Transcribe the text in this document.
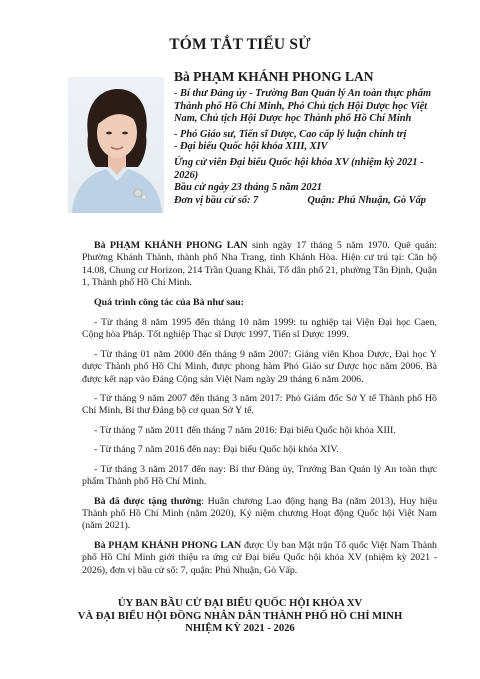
TÓM TẮT TIỂU SỬ
Bà PHẠM KHÁNH PHONG LAN
- Bí thư Đảng ủy - Trường Ban Quản lý An toàn thực phẩm Thành phố Hồ Chí Minh, Phó Chủ tịch Hội Dược học Việt Nam, Chủ tịch Hội Dược học Thành phố Hồ Chí Minh
- Phó Giáo sư, Tiến sĩ Dược, Cao cấp lý luận chính trị
- Đại biểu Quốc hội khóa XIII, XIV
Ứng cử viên Đại biểu Quốc hội khóa XV (nhiệm kỳ 2021 - 2026)
Bầu cử ngày 23 tháng 5 năm 2021
Đơn vị bầu cử số: 7	Quận: Phú Nhuận, Gò Vấp

Bà PHẠM KHÁNH PHONG LAN sinh ngày 17 tháng 5 năm 1970. Quê quán: Phường Khánh Thành, thành phố Nha Trang, tỉnh Khánh Hòa. Hiện cư trú tại: Căn hộ 14.08, Chung cư Horizon, 214 Trần Quang Khải, Tổ dân phố 21, phường Tân Định, Quận 1, Thành phố Hồ Chí Minh.

Quá trình công tác của Bà như sau:

- Từ tháng 8 năm 1995 đến tháng 10 năm 1999: tu nghiệp tại Viện Đại học Caen, Cộng hòa Pháp. Tốt nghiệp Thạc sĩ Dược 1997, Tiến sĩ Dược 1999.

- Từ tháng 01 năm 2000 đến tháng 9 năm 2007: Giảng viên Khoa Dược, Đại học Y dược Thành phố Hồ Chí Minh, được phong hàm Phó Giáo sư Dược học năm 2006. Bà được kết nạp vào Đảng Cộng sản Việt Nam ngày 29 tháng 6 năm 2006.

- Từ tháng 9 năm 2007 đến tháng 3 năm 2017: Phó Giám đốc Sở Y tế Thành phố Hồ Chí Minh, Bí thư Đảng bộ cơ quan Sở Y tế.

- Từ tháng 7 năm 2011 đến tháng 7 năm 2016: Đại biểu Quốc hội khóa XIII.

- Từ tháng 7 năm 2016 đến nay: Đại biểu Quốc hội khóa XIV.

- Từ tháng 3 năm 2017 đến nay: Bí thư Đảng ủy, Trưởng Ban Quản lý An toàn thực phẩm Thành phố Hồ Chí Minh.

Bà đã được tặng thưởng: Huân chương Lao động hạng Ba (năm 2013), Huy hiệu Thành phố Hồ Chí Minh (năm 2020), Kỷ niệm chương Hoạt động Quốc hội Việt Nam (năm 2021).

Bà PHẠM KHÁNH PHONG LAN được Ủy ban Mặt trận Tổ quốc Việt Nam Thành phố Hồ Chí Minh giới thiệu ra ứng cử Đại biểu Quốc hội khóa XV (nhiệm kỳ 2021 - 2026), đơn vị bầu cử số: 7, quận: Phú Nhuận, Gò Vấp.

ỦY BAN BẦU CỬ ĐẠI BIỂU QUỐC HỘI KHÓA XV
VÀ ĐẠI BIỂU HỘI ĐỒNG NHÂN DÂN THÀNH PHỐ HỒ CHÍ MINH
NHIỆM KỲ 2021 - 2026
